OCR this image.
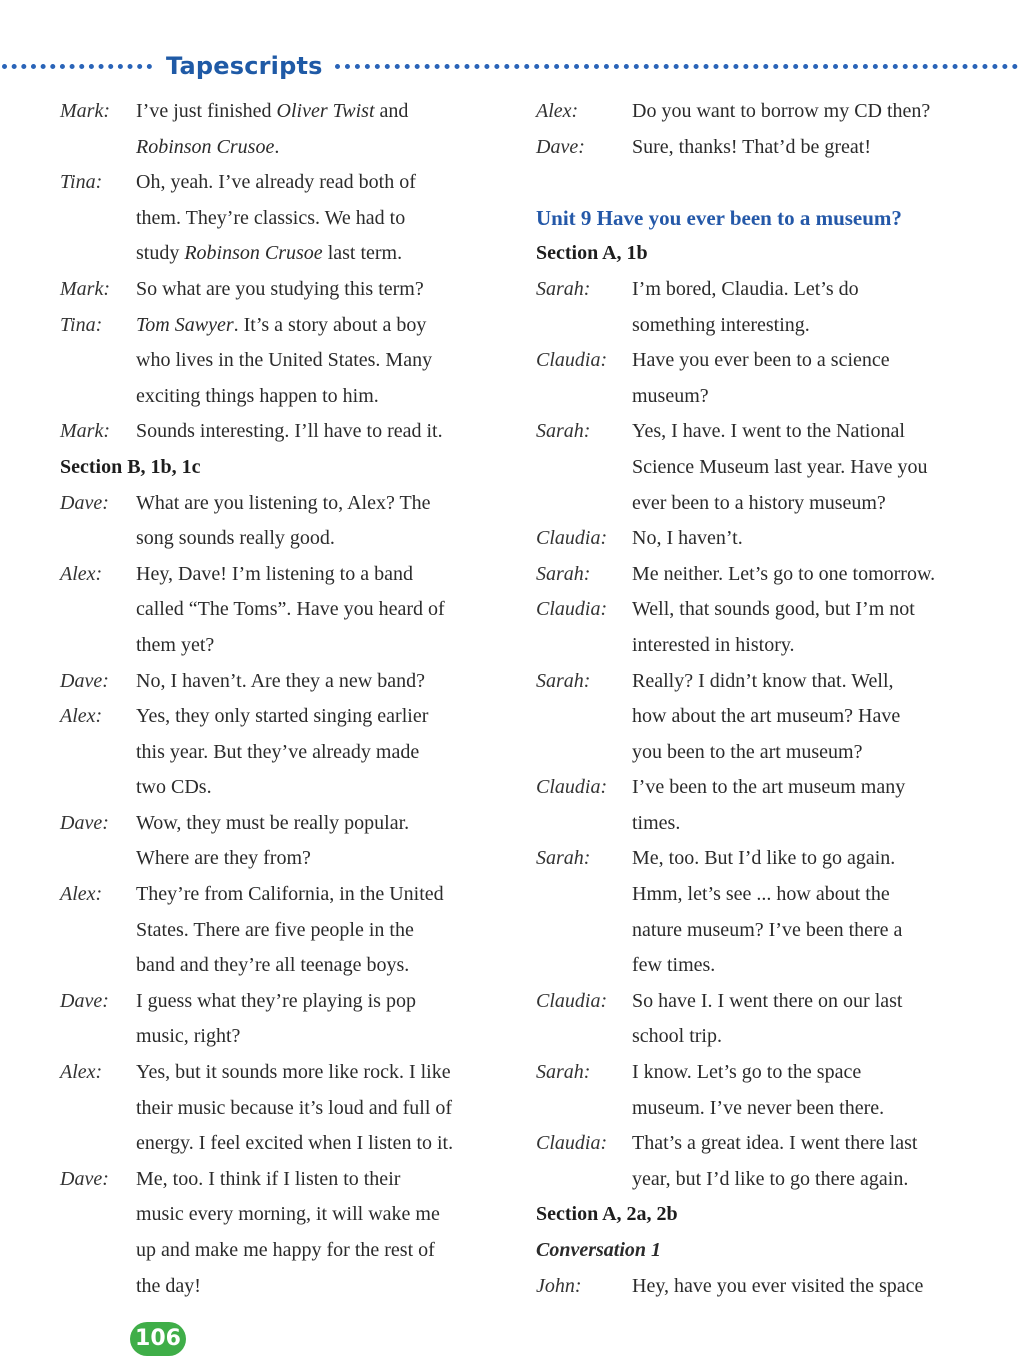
Tapescripts
Mark: I’ve just finished Oliver Twist and
Robinson Crusoe.
Tina: Oh, yeah. I’ve already read both of
them. They’re classics. We had to
study Robinson Crusoe last term.
Mark: So what are you studying this term?
Tina: Tom Sawyer. It’s a story about a boy
who lives in the United States. Many
exciting things happen to him.
Mark: Sounds interesting. I’ll have to read it.
Section B, 1b, 1c
Dave: What are you listening to, Alex? The
song sounds really good.
Alex: Hey, Dave! I’m listening to a band
called “The Toms”. Have you heard of
them yet?
Dave: No, I haven’t. Are they a new band?
Alex: Yes, they only started singing earlier
this year. But they’ve already made
two CDs.
Dave: Wow, they must be really popular.
Where are they from?
Alex: They’re from California, in the United
States. There are five people in the
band and they’re all teenage boys.
Dave: I guess what they’re playing is pop
music, right?
Alex: Yes, but it sounds more like rock. I like
their music because it’s loud and full of
energy. I feel excited when I listen to it.
Dave: Me, too. I think if I listen to their
music every morning, it will wake me
up and make me happy for the rest of
the day!
Alex:	Do you want to borrow my CD then?
Dave: Sure, thanks! That’d be great!
Unit 9 Have you ever been to a museum?
Section A, 1b
Sarah: I’m bored, Claudia. Let’s do
something interesting.
Claudia: Have you ever been to a science
museum?
Sarah: Yes, I have. I went to the National
Science Museum last year. Have you
ever been to a history museum?
Claudia: No, I haven’t.
Sarah: Me neither. Let’s go to one tomorrow.
Claudia: Well, that sounds good, but I’m not
interested in history.
Sarah: Really? I didn’t know that. Well,
how about the art museum? Have
you been to the art museum?
Claudia: I’ve been to the art museum many
times.
Sarah: Me, too. But I’d like to go again.
Hmm, let’s see ... how about the
nature museum? I’ve been there a
few times.
Claudia: So have I. I went there on our last
school trip.
Sarah: I know. Let’s go to the space
museum. I’ve never been there.
Claudia: That’s a great idea. I went there last
year, but I’d like to go there again.
Section A, 2a, 2b
Conversation 1
John:	Hey, have you ever visited the space
106
